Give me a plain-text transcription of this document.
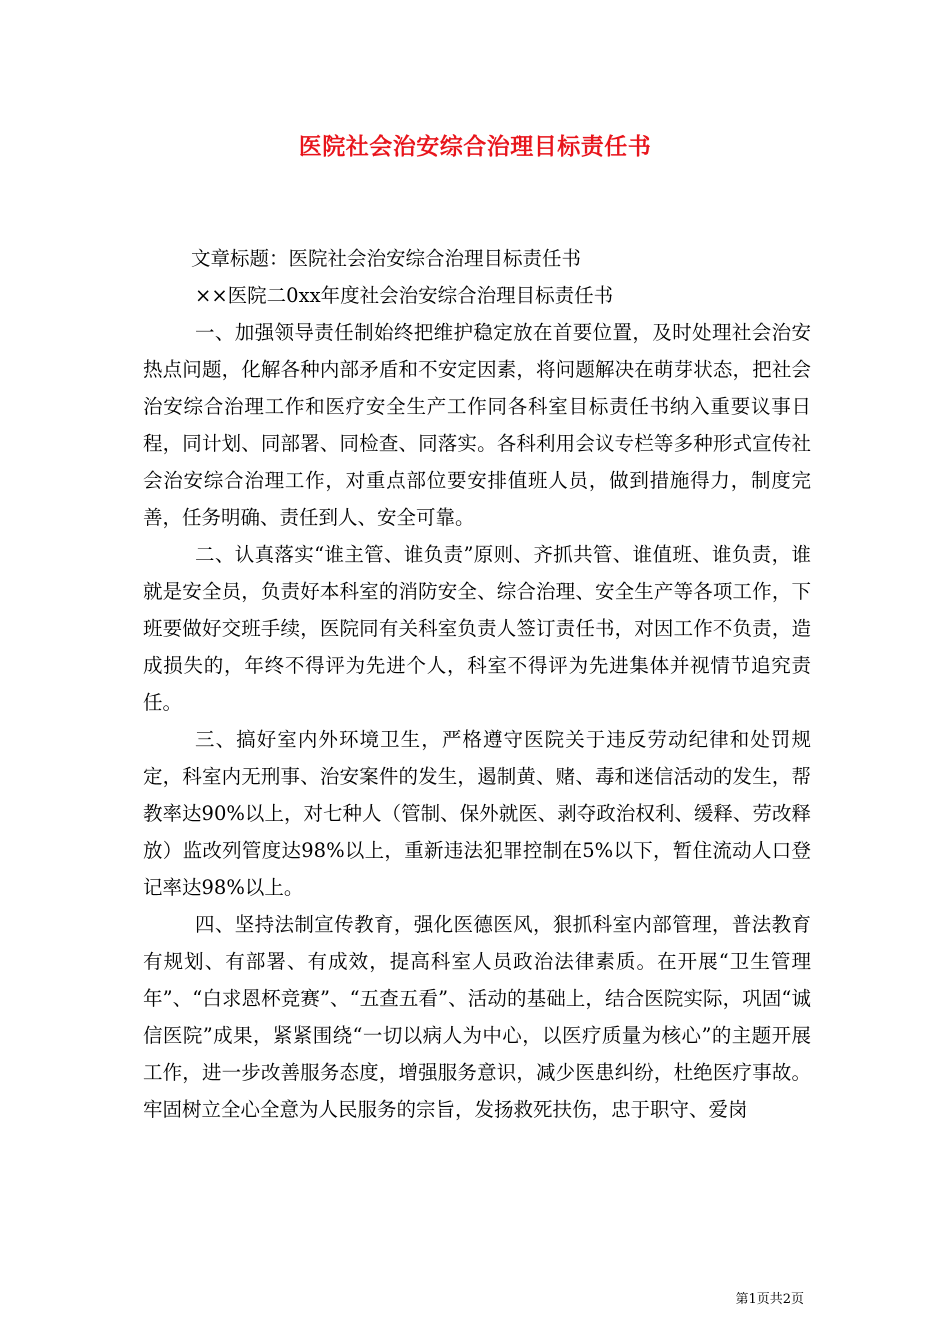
医院社会治安综合治理目标责任书

文章标题：医院社会治安综合治理目标责任书

××医院二0xx年度社会治安综合治理目标责任书

一、加强领导责任制始终把维护稳定放在首要位置，及时处理社会治安热点问题，化解各种内部矛盾和不安定因素，将问题解决在萌芽状态，把社会治安综合治理工作和医疗安全生产工作同各科室目标责任书纳入重要议事日程，同计划、同部署、同检查、同落实。各科利用会议专栏等多种形式宣传社会治安综合治理工作，对重点部位要安排值班人员，做到措施得力，制度完善，任务明确、责任到人、安全可靠。

二、认真落实“谁主管、谁负责”原则、齐抓共管、谁值班、谁负责，谁就是安全员，负责好本科室的消防安全、综合治理、安全生产等各项工作，下班要做好交班手续，医院同有关科室负责人签订责任书，对因工作不负责，造成损失的，年终不得评为先进个人，科室不得评为先进集体并视情节追究责任。

三、搞好室内外环境卫生，严格遵守医院关于违反劳动纪律和处罚规定，科室内无刑事、治安案件的发生，遏制黄、赌、毒和迷信活动的发生，帮教率达90%以上，对七种人（管制、保外就医、剥夺政治权利、缓释、劳改释放）监改列管度达98%以上，重新违法犯罪控制在5%以下，暂住流动人口登记率达98%以上。

四、坚持法制宣传教育，强化医德医风，狠抓科室内部管理，普法教育有规划、有部署、有成效，提高科室人员政治法律素质。在开展“卫生管理年”、“白求恩杯竞赛”、“五查五看”、活动的基础上，结合医院实际，巩固“诚信医院”成果，紧紧围绕“一切以病人为中心，以医疗质量为核心”的主题开展工作，进一步改善服务态度，增强服务意识，减少医患纠纷，杜绝医疗事故。牢固树立全心全意为人民服务的宗旨，发扬救死扶伤，忠于职守、爱岗

第1页共2页
